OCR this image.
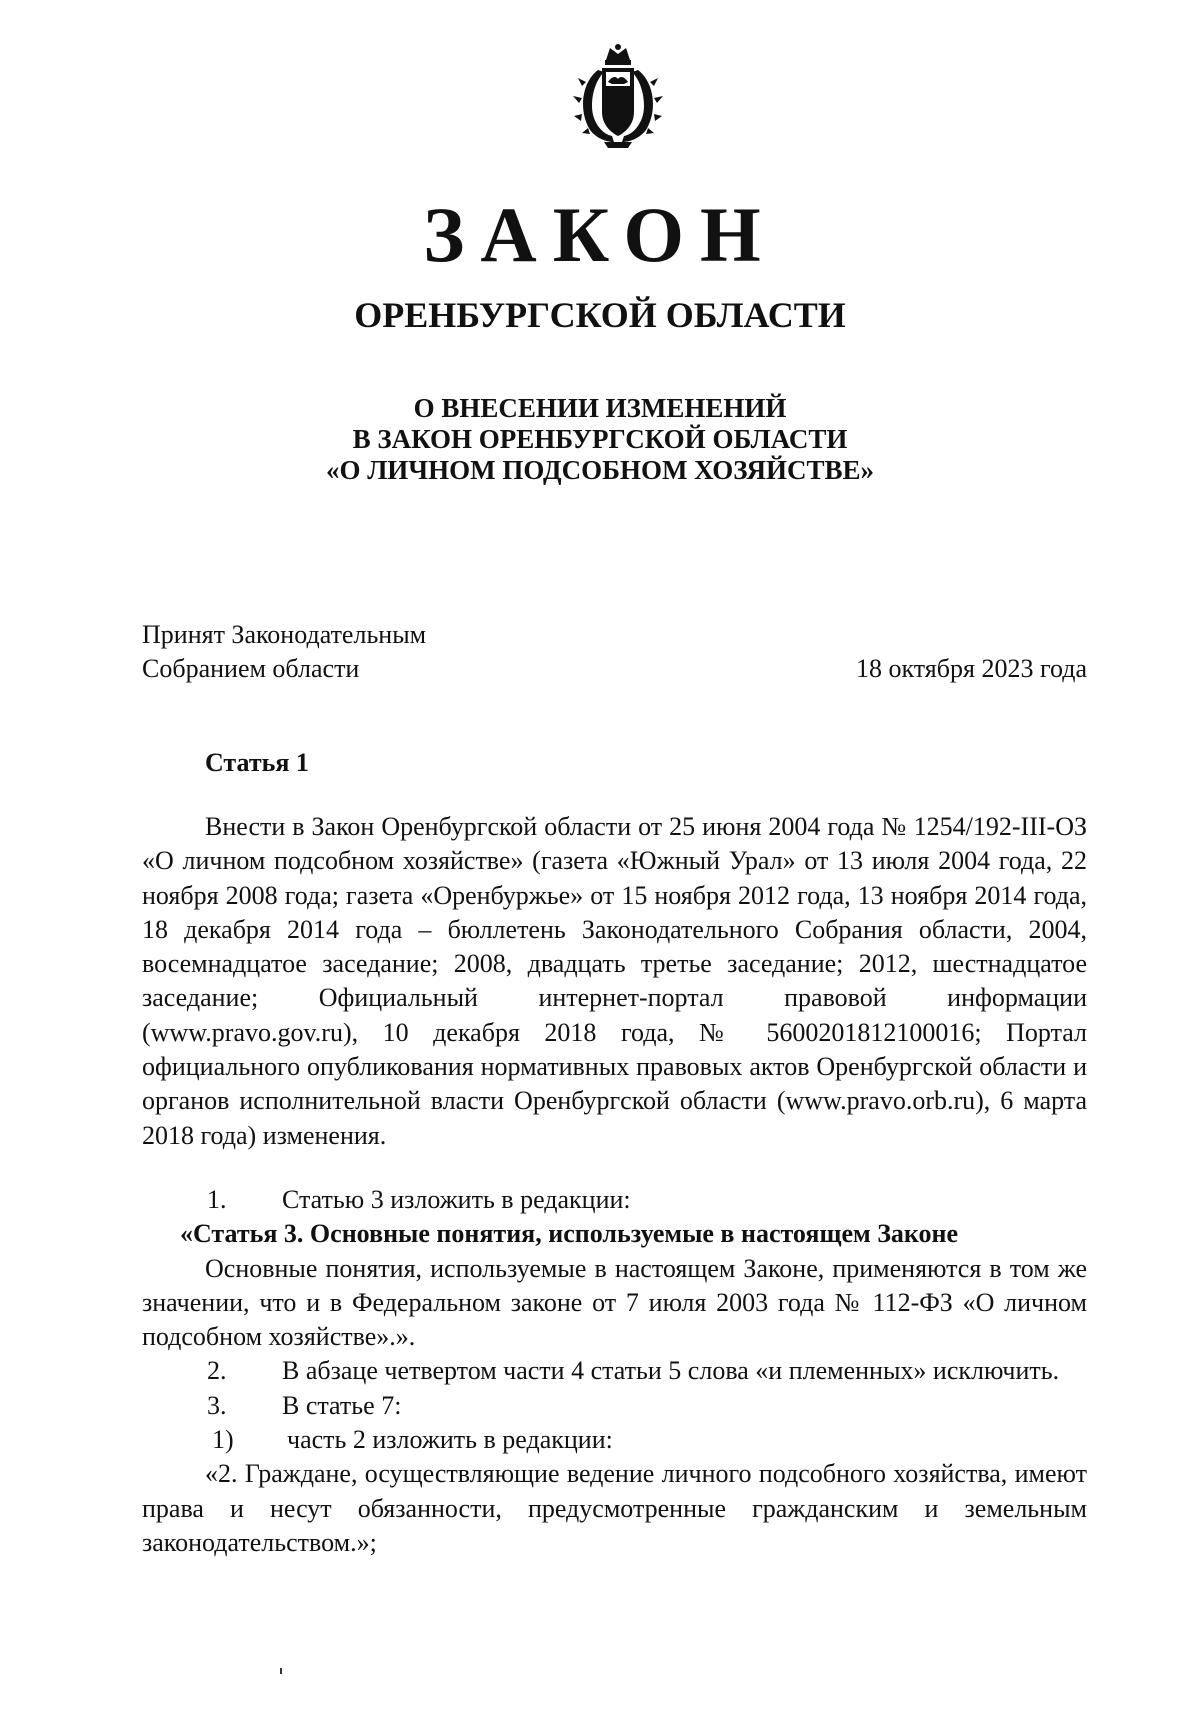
ЗАКОН
ОРЕНБУРГСКОЙ ОБЛАСТИ
О ВНЕСЕНИИ ИЗМЕНЕНИЙ
В ЗАКОН ОРЕНБУРГСКОЙ ОБЛАСТИ
«О ЛИЧНОМ ПОДСОБНОМ ХОЗЯЙСТВЕ»
Принят Законодательным
Собранием области	18 октября 2023 года
Статья 1

Внести в Закон Оренбургской области от 25 июня 2004 года № 1254/192-III-ОЗ «О личном подсобном хозяйстве» (газета «Южный Урал» от 13 июля 2004 года, 22 ноября 2008 года; газета «Оренбуржье» от 15 ноября 2012 года, 13 ноября 2014 года, 18 декабря 2014 года – бюллетень Законодательного Собрания области, 2004, восемнадцатое заседание; 2008, двадцать третье заседание; 2012, шестнадцатое заседание; Официальный интернет-портал правовой информации (www.pravo.gov.ru), 10 декабря 2018 года, № 5600201812100016; Портал официального опубликования нормативных правовых актов Оренбургской области и органов исполнительной власти Оренбургской области (www.pravo.orb.ru), 6 марта 2018 года) изменения.

1. Статью 3 изложить в редакции:

«Статья 3. Основные понятия, используемые в настоящем Законе

Основные понятия, используемые в настоящем Законе, применяются в том же значении, что и в Федеральном законе от 7 июля 2003 года № 112-ФЗ «О личном подсобном хозяйстве».».

2. В абзаце четвертом части 4 статьи 5 слова «и племенных» исключить.

3. В статье 7:

1) часть 2 изложить в редакции:

«2. Граждане, осуществляющие ведение личного подсобного хозяйства, имеют права и несут обязанности, предусмотренные гражданским и земельным законодательством.»;
